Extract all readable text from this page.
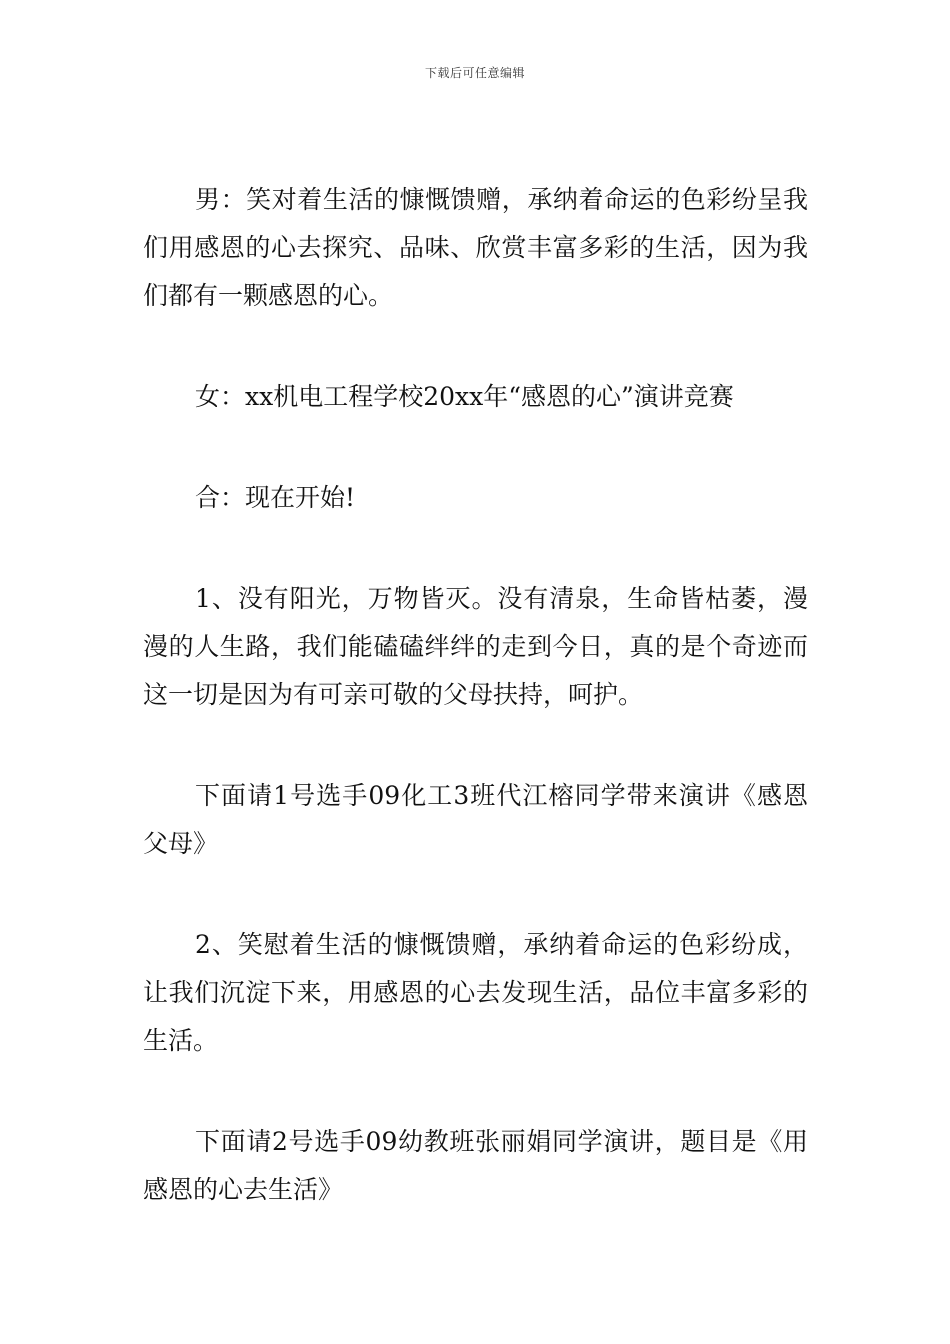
下载后可任意编辑

男：笑对着生活的慷慨馈赠，承纳着命运的色彩纷呈我们用感恩的心去探究、品味、欣赏丰富多彩的生活，因为我们都有一颗感恩的心。

女：xx机电工程学校20xx年“感恩的心”演讲竞赛

合：现在开始!

1、没有阳光，万物皆灭。没有清泉，生命皆枯萎，漫漫的人生路，我们能磕磕绊绊的走到今日，真的是个奇迹而这一切是因为有可亲可敬的父母扶持，呵护。

下面请1号选手09化工3班代江榕同学带来演讲《感恩父母》

2、笑慰着生活的慷慨馈赠，承纳着命运的色彩纷成，让我们沉淀下来，用感恩的心去发现生活，品位丰富多彩的生活。

下面请2号选手09幼教班张丽娟同学演讲，题目是《用感恩的心去生活》
